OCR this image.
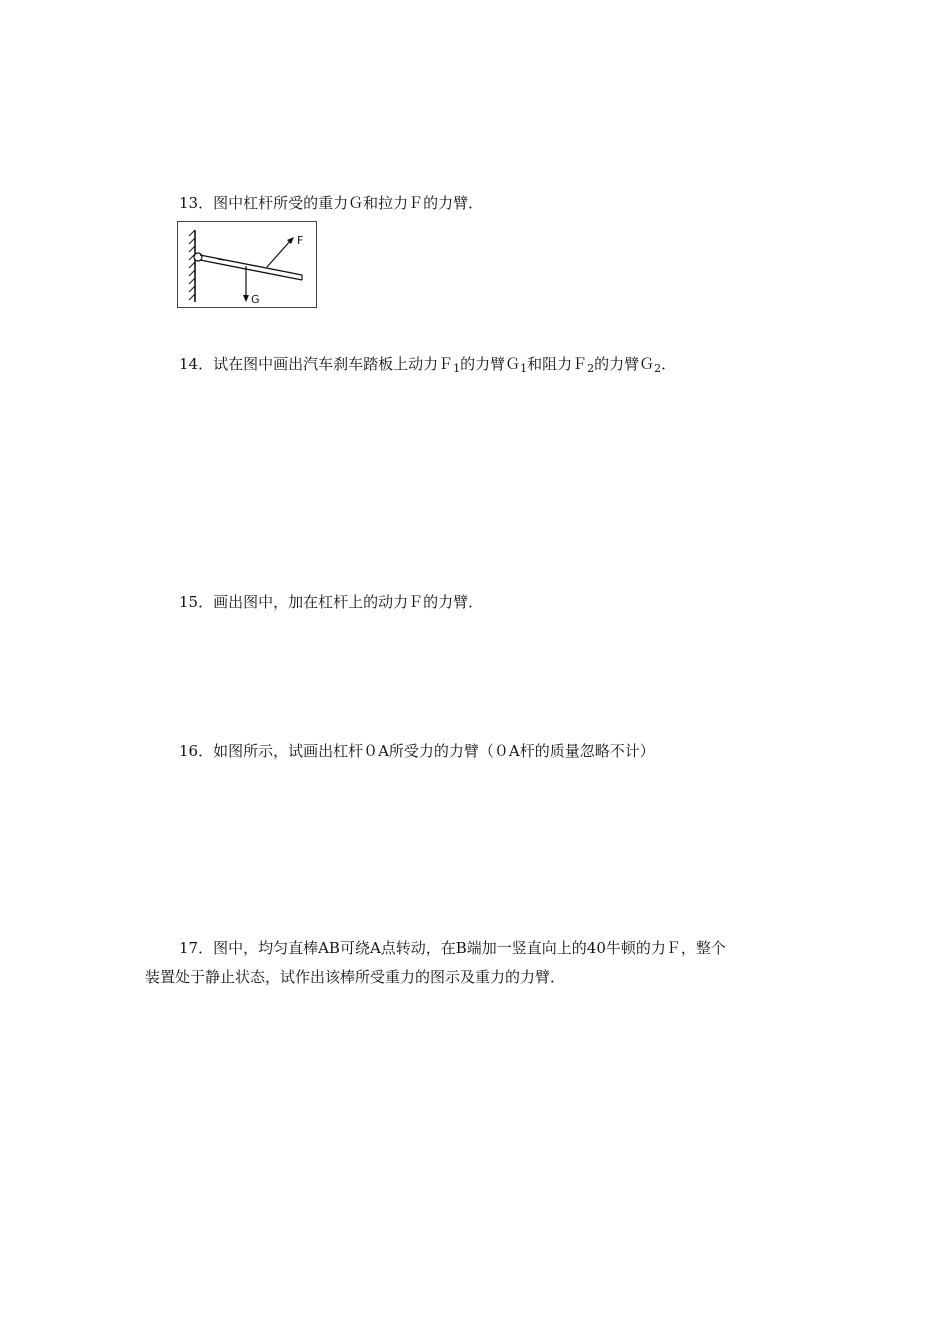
13．图中杠杆所受的重力Ｇ和拉力Ｆ的力臂．
F
G
14．试在图中画出汽车刹车踏板上动力Ｆ$_1$的力臂Ｇ$_1$和阻力Ｆ$_2$的力臂Ｇ$_2$．
15．画出图中，加在杠杆上的动力Ｆ的力臂．
16．如图所示，试画出杠杆０A所受力的力臂（０A杆的质量忽略不计）
17．图中，均匀直棒AB可绕A点转动，在B端加一竖直向上的40牛顿的力Ｆ，整个
装置处于静止状态，试作出该棒所受重力的图示及重力的力臂．
